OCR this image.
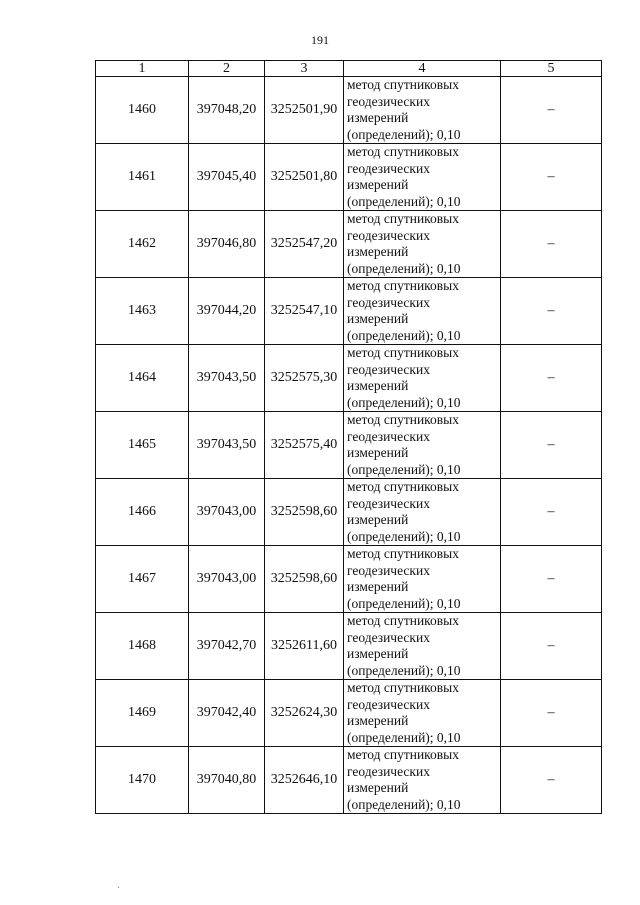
191
1	2	3	4	5
1460	397048,20	3252501,90	метод спутниковых
геодезических
измерений
(определений); 0,10	–
1461	397045,40	3252501,80	метод спутниковых
геодезических
измерений
(определений); 0,10	–
1462	397046,80	3252547,20	метод спутниковых
геодезических
измерений
(определений); 0,10	–
1463	397044,20	3252547,10	метод спутниковых
геодезических
измерений
(определений); 0,10	–
1464	397043,50	3252575,30	метод спутниковых
геодезических
измерений
(определений); 0,10	–
1465	397043,50	3252575,40	метод спутниковых
геодезических
измерений
(определений); 0,10	–
1466	397043,00	3252598,60	метод спутниковых
геодезических
измерений
(определений); 0,10	–
1467	397043,00	3252598,60	метод спутниковых
геодезических
измерений
(определений); 0,10	–
1468	397042,70	3252611,60	метод спутниковых
геодезических
измерений
(определений); 0,10	–
1469	397042,40	3252624,30	метод спутниковых
геодезических
измерений
(определений); 0,10	–
1470	397040,80	3252646,10	метод спутниковых
геодезических
измерений
(определений); 0,10	–
